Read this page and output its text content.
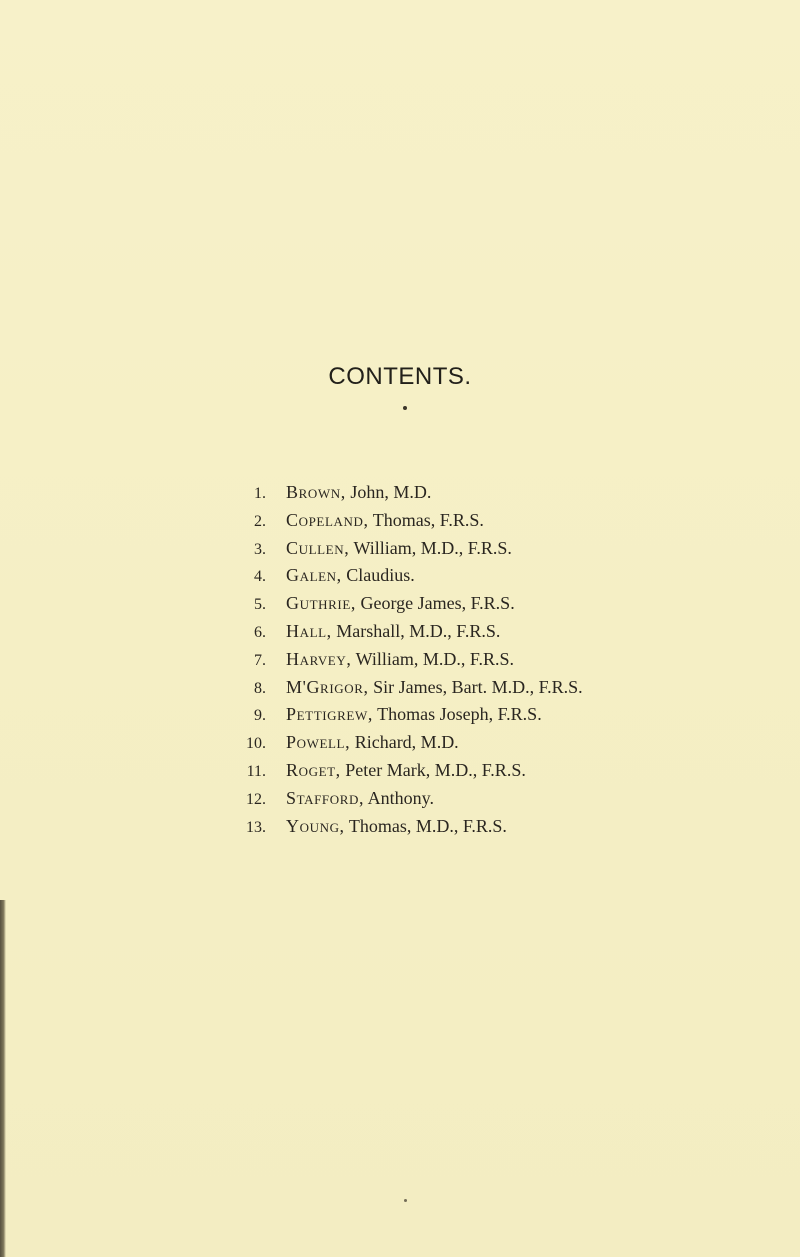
CONTENTS.
1.	Brown, John, M.D.
2.	Copeland, Thomas, F.R.S.
3.	Cullen, William, M.D., F.R.S.
4.	Galen, Claudius.
5.	Guthrie, George James, F.R.S.
6.	Hall, Marshall, M.D., F.R.S.
7.	Harvey, William, M.D., F.R.S.
8.	M'Grigor, Sir James, Bart. M.D., F.R.S.
9.	Pettigrew, Thomas Joseph, F.R.S.
10.	Powell, Richard, M.D.
11.	Roget, Peter Mark, M.D., F.R.S.
12.	Stafford, Anthony.
13.	Young, Thomas, M.D., F.R.S.
